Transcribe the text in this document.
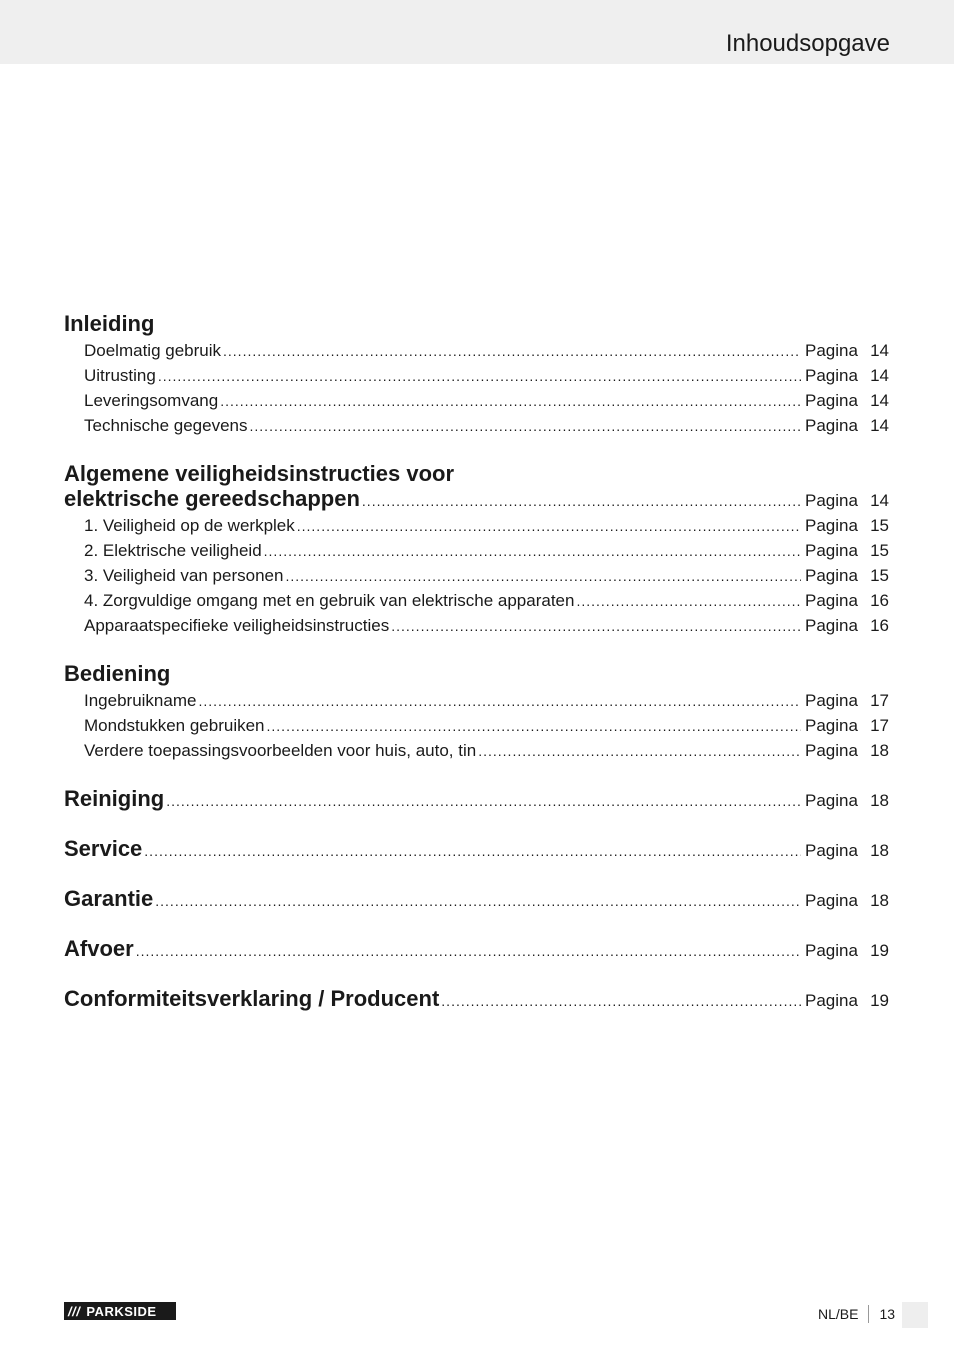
Inhoudsopgave
Inleiding
Doelmatig gebruik .....	Pagina 14
Uitrusting .....	Pagina 14
Leveringsomvang .....	Pagina 14
Technische gegevens .....	Pagina 14
Algemene veiligheidsinstructies voor
elektrische gereedschappen .....	Pagina 14
1. Veiligheid op de werkplek .....	Pagina 15
2. Elektrische veiligheid .....	Pagina 15
3. Veiligheid van personen .....	Pagina 15
4. Zorgvuldige omgang met en gebruik van elektrische apparaten .....	Pagina 16
Apparaatspecifieke veiligheidsinstructies .....	Pagina 16
Bediening
Ingebruikname .....	Pagina 17
Mondstukken gebruiken .....	Pagina 17
Verdere toepassingsvoorbeelden voor huis, auto, tin .....	Pagina 18
Reiniging .....	Pagina 18
Service .....	Pagina 18
Garantie .....	Pagina 18
Afvoer .....	Pagina 19
Conformiteitsverklaring / Producent .....	Pagina 19
/// PARKSIDE	NL/BE 13
